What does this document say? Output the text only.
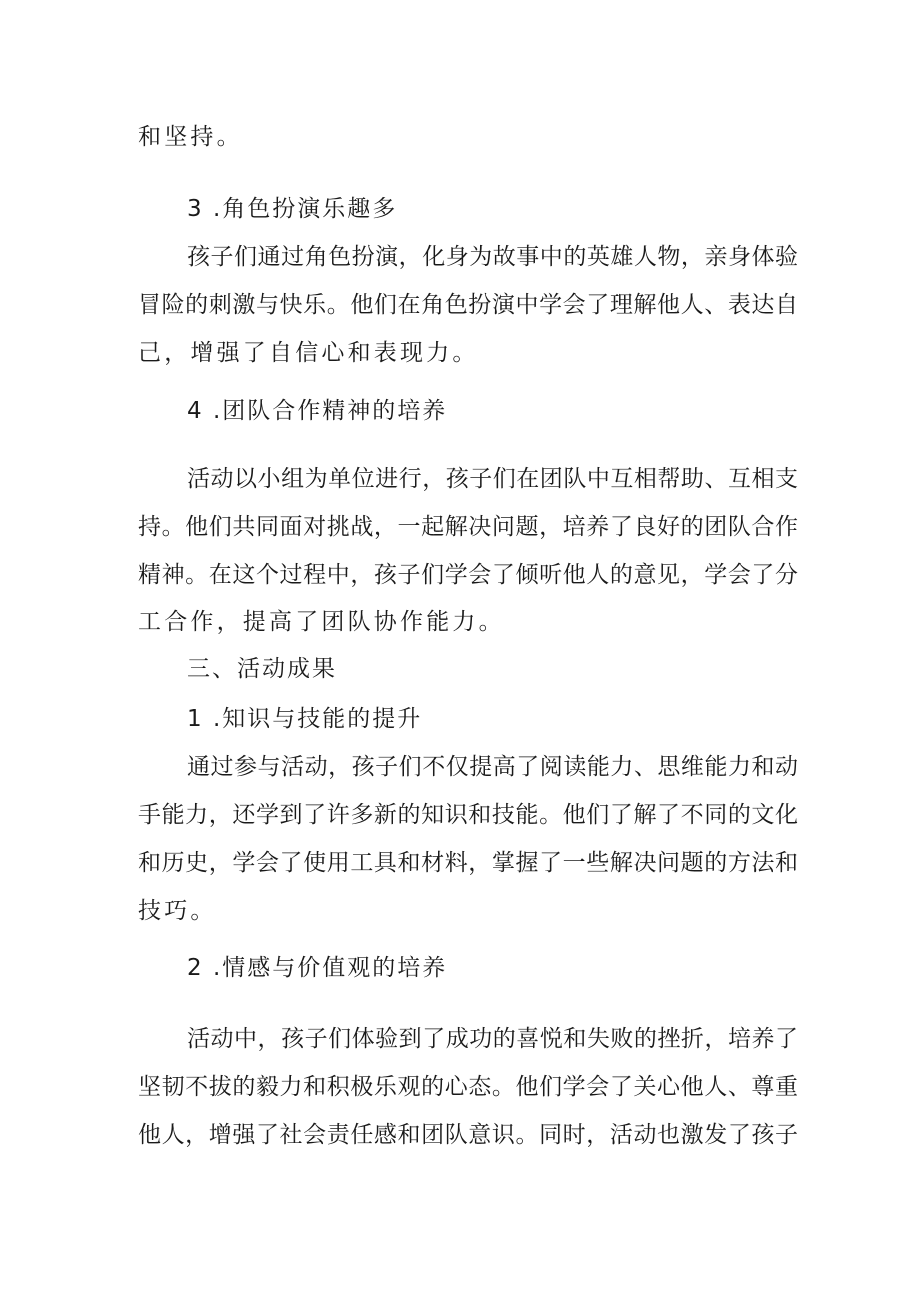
和坚持。
3 .角色扮演乐趣多
孩子们通过角色扮演，化身为故事中的英雄人物，亲身体验
冒险的刺激与快乐。他们在角色扮演中学会了理解他人、表达自
己，增强了自信心和表现力。
4 .团队合作精神的培养
活动以小组为单位进行，孩子们在团队中互相帮助、互相支
持。他们共同面对挑战，一起解决问题，培养了良好的团队合作
精神。在这个过程中，孩子们学会了倾听他人的意见，学会了分
工合作，提高了团队协作能力。
三、活动成果
1 .知识与技能的提升
通过参与活动，孩子们不仅提高了阅读能力、思维能力和动
手能力，还学到了许多新的知识和技能。他们了解了不同的文化
和历史，学会了使用工具和材料，掌握了一些解决问题的方法和
技巧。
2 .情感与价值观的培养
活动中，孩子们体验到了成功的喜悦和失败的挫折，培养了
坚韧不拔的毅力和积极乐观的心态。他们学会了关心他人、尊重
他人，增强了社会责任感和团队意识。同时，活动也激发了孩子
